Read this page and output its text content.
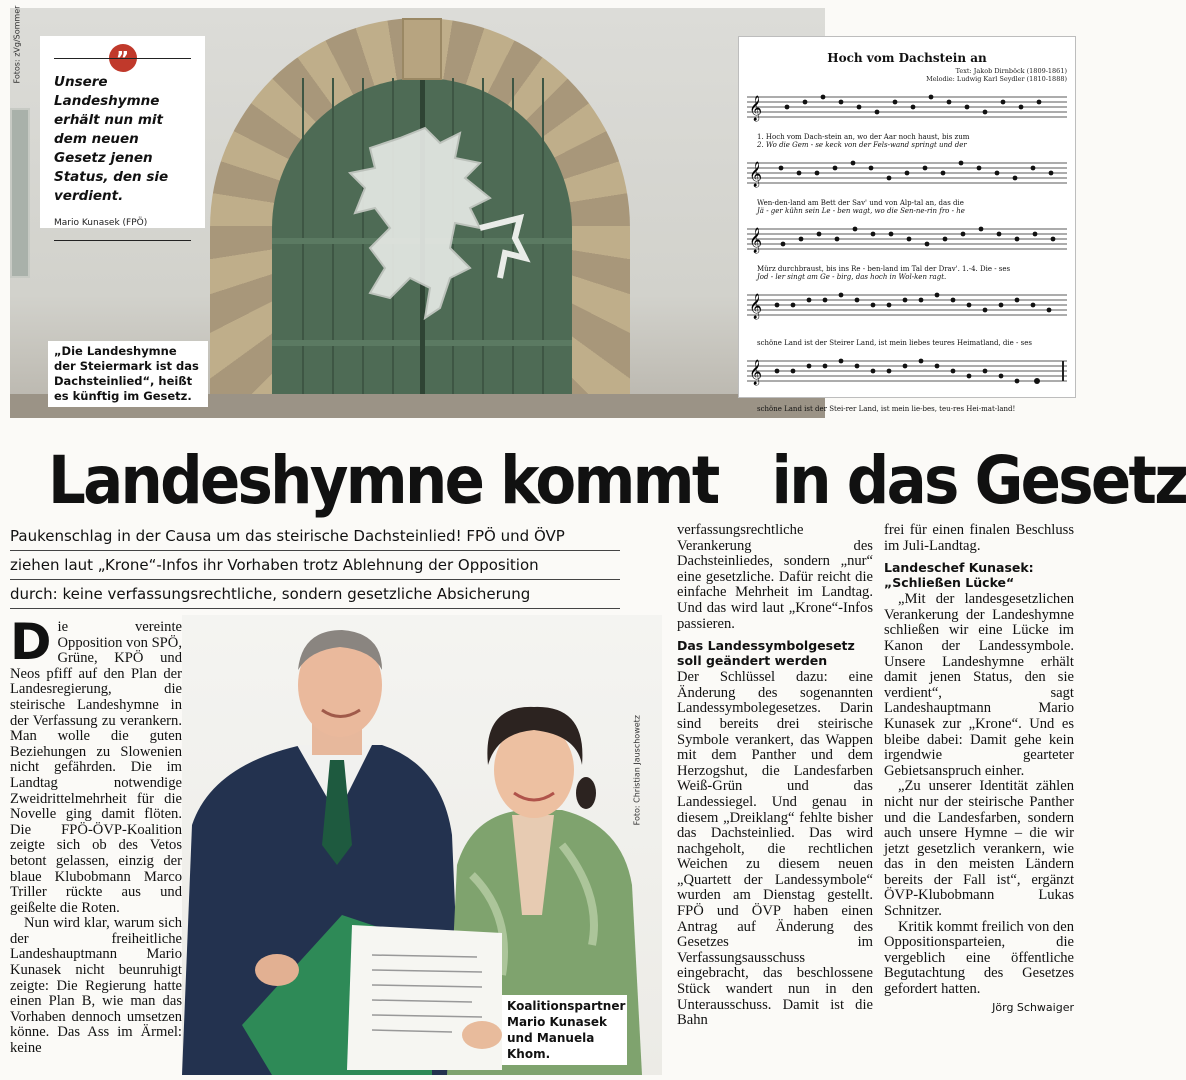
”
Unsere Landeshymne erhält nun mit dem neuen Gesetz jenen Status, den sie verdient.
Mario Kunasek (FPÖ)
„Die Landeshymne der Steiermark ist das Dachsteinlied“, heißt es künftig im Gesetz.
Fotos: zVg/Sommer	Hoch vom Dachstein an
Text: Jakob Dirnböck (1809-1861)
Melodie: Ludwig Karl Seydler (1810-1888)
𝄞
1. Hoch vom Dach-stein an, wo der Aar noch haust, bis zum
2. Wo die Gem - se keck von der Fels-wand springt und der
𝄞
Wen-den-land am Bett der Sav' und von Alp-tal an, das die
Jä - ger kühn sein Le - ben wagt, wo die Sen-ne-rin fro - he
𝄞
Mürz durchbraust, bis ins Re - ben-land im Tal der Drav'. 1.-4. Die - ses
Jod - ler singt am Ge - birg, das hoch in Wol-ken ragt.
𝄞
schöne Land ist der Steirer Land, ist mein liebes teures Heimatland, die - ses
𝄞
schöne Land ist der Stei-rer Land, ist mein lie-bes, teu-res Hei-mat-land!
Landeshymne kommt in das Gesetz
Paukenschlag in der Causa um das steirische Dachsteinlied! FPÖ und ÖVP
ziehen laut „Krone“-Infos ihr Vorhaben trotz Ablehnung der Opposition
durch: keine verfassungsrechtliche, sondern gesetzliche Absicherung

D ie vereinte Opposition von SPÖ, Grüne, KPÖ und Neos pfiff auf den Plan der Landesregierung, die steirische Landeshymne in der Verfassung zu verankern. Man wolle die guten Beziehungen zu Slowenien nicht gefährden. Die im Landtag notwendige Zweidrittelmehrheit für die Novelle ging damit flöten. Die FPÖ-ÖVP-Koalition zeigte sich ob des Vetos betont gelassen, einzig der blaue Klubobmann Marco Triller rückte aus und geißelte die Roten.

Nun wird klar, warum sich der freiheitliche Landeshauptmann Mario Kunasek nicht beunruhigt zeigte: Die Regierung hatte einen Plan B, wie man das Vorhaben dennoch umsetzen könne. Das Ass im Ärmel: keine

Foto: Christian Jauschowetz
Koalitionspartner Mario Kunasek und Manuela Khom.

verfassungsrechtliche Verankerung des Dachsteinliedes, sondern „nur“ eine gesetzliche. Dafür reicht die einfache Mehrheit im Landtag. Und das wird laut „Krone“-Infos passieren.

Das Landessymbolgesetz soll geändert werden

Der Schlüssel dazu: eine Änderung des sogenannten Landessymbolegesetzes. Darin sind bereits drei steirische Symbole verankert, das Wappen mit dem Panther und dem Herzogshut, die Landesfarben Weiß-Grün und das Landessiegel. Und genau in diesem „Dreiklang“ fehlte bisher das Dachsteinlied. Das wird nachgeholt, die rechtlichen Weichen zu diesem neuen „Quartett der Landessymbole“ wurden am Dienstag gestellt. FPÖ und ÖVP haben einen Antrag auf Änderung des Gesetzes im Verfassungsausschuss eingebracht, das beschlossene Stück wandert nun in den Unterausschuss. Damit ist die Bahn

frei für einen finalen Beschluss im Juli-Landtag.

Landeschef Kunasek: „Schließen Lücke“

„Mit der landesgesetzlichen Verankerung der Landeshymne schließen wir eine Lücke im Kanon der Landessymbole. Unsere Landeshymne erhält damit jenen Status, den sie verdient“, sagt Landeshauptmann Mario Kunasek zur „Krone“. Und es bleibe dabei: Damit gehe kein irgendwie gearteter Gebietsanspruch einher.

„Zu unserer Identität zählen nicht nur der steirische Panther und die Landesfarben, sondern auch unsere Hymne – die wir jetzt gesetzlich verankern, wie das in den meisten Ländern bereits der Fall ist“, ergänzt ÖVP-Klubobmann Lukas Schnitzer.

Kritik kommt freilich von den Oppositionsparteien, die vergeblich eine öffentliche Begutachtung des Gesetzes gefordert hatten.

Jörg Schwaiger
